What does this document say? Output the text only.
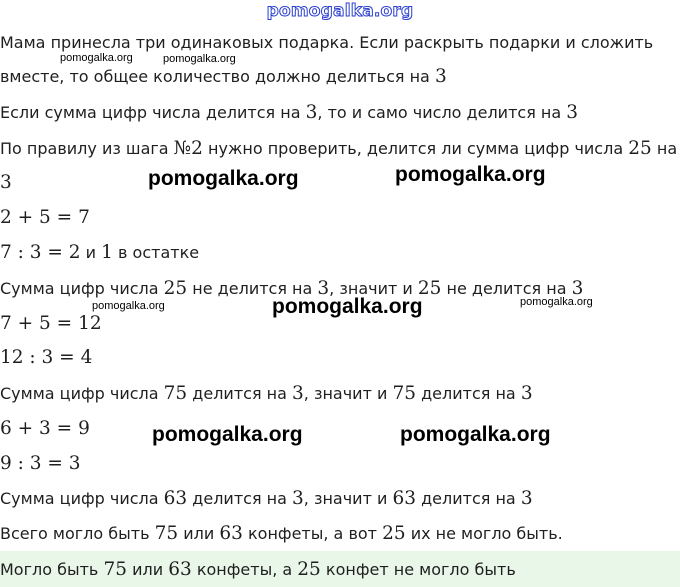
pomogalka.org

Мама принесла три одинаковых подарка. Если раскрыть подарки и сложить

вместе, то общее количество должно делиться на 3

Если сумма цифр числа делится на 3, то и само число делится на 3

По правилу из шага №2 нужно проверить, делится ли сумма цифр числа 25 на

3

2 + 5 = 7

7 : 3 = 2 и 1 в остатке

Сумма цифр числа 25 не делится на 3, значит и 25 не делится на 3

7 + 5 = 12

12 : 3 = 4

Сумма цифр числа 75 делится на 3, значит и 75 делится на 3

6 + 3 = 9

9 : 3 = 3

Сумма цифр числа 63 делится на 3, значит и 63 делится на 3

Всего могло быть 75 или 63 конфеты, а вот 25 их не могло быть.

Могло быть 75 или 63 конфеты, а 25 конфет не могло быть

pomogalka.org	pomogalka.org
pomogalka.org	pomogalka.org
pomogalka.org	pomogalka.org	pomogalka.org
pomogalka.org	pomogalka.org
